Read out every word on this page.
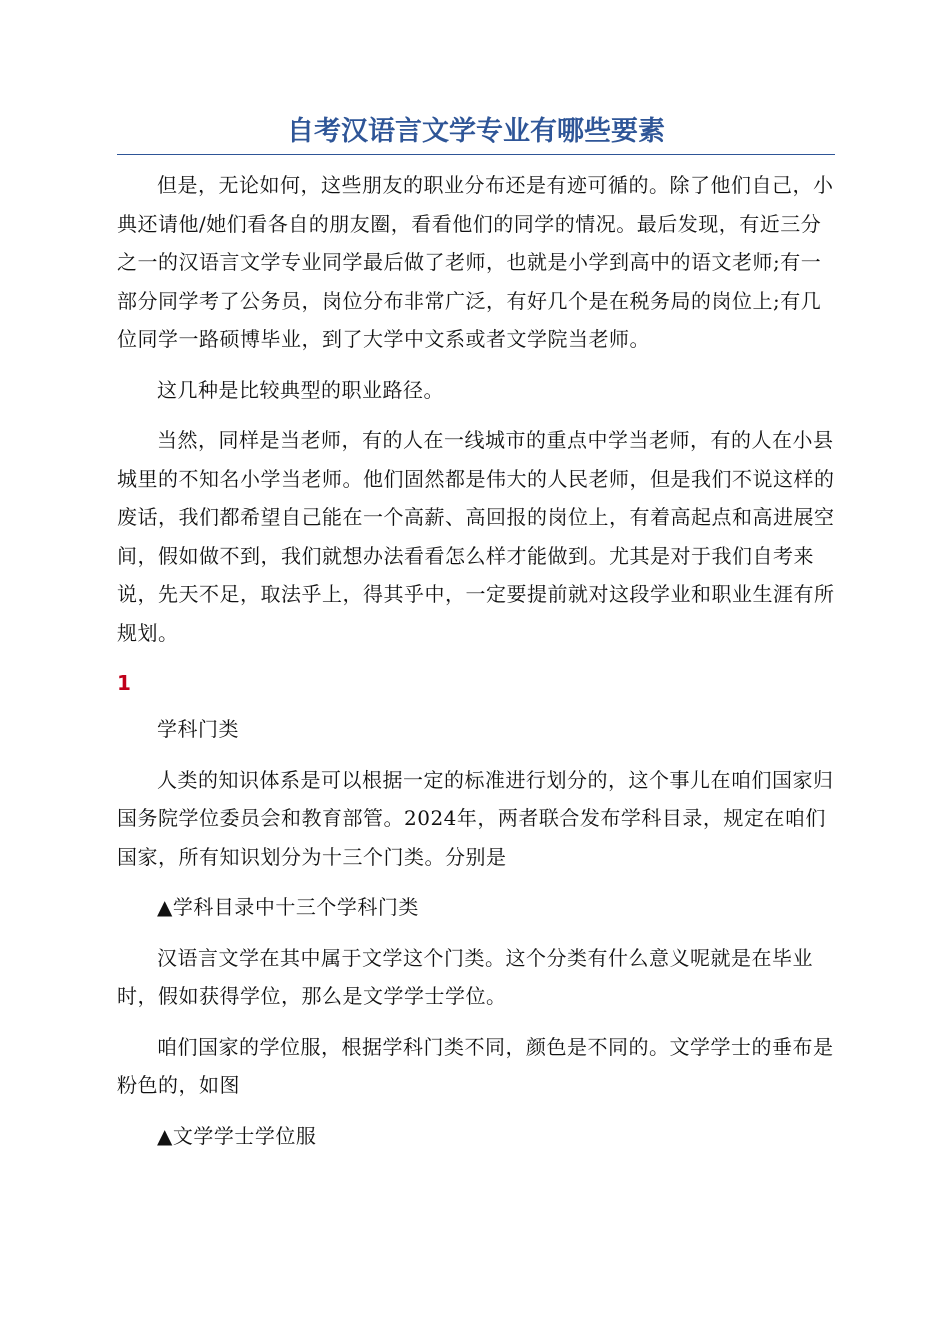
自考汉语言文学专业有哪些要素

但是，无论如何，这些朋友的职业分布还是有迹可循的。除了他们自己，小典还请他/她们看各自的朋友圈，看看他们的同学的情况。最后发现，有近三分之一的汉语言文学专业同学最后做了老师，也就是小学到高中的语文老师;有一部分同学考了公务员，岗位分布非常广泛，有好几个是在税务局的岗位上;有几位同学一路硕博毕业，到了大学中文系或者文学院当老师。

这几种是比较典型的职业路径。

当然，同样是当老师，有的人在一线城市的重点中学当老师，有的人在小县城里的不知名小学当老师。他们固然都是伟大的人民老师，但是我们不说这样的废话，我们都希望自己能在一个高薪、高回报的岗位上，有着高起点和高进展空间，假如做不到，我们就想办法看看怎么样才能做到。尤其是对于我们自考来说，先天不足，取法乎上，得其乎中，一定要提前就对这段学业和职业生涯有所规划。

1

学科门类

人类的知识体系是可以根据一定的标准进行划分的，这个事儿在咱们国家归国务院学位委员会和教育部管。2024年，两者联合发布学科目录，规定在咱们国家，所有知识划分为十三个门类。分别是

▲学科目录中十三个学科门类

汉语言文学在其中属于文学这个门类。这个分类有什么意义呢就是在毕业时，假如获得学位，那么是文学学士学位。

咱们国家的学位服，根据学科门类不同，颜色是不同的。文学学士的垂布是粉色的，如图

▲文学学士学位服
